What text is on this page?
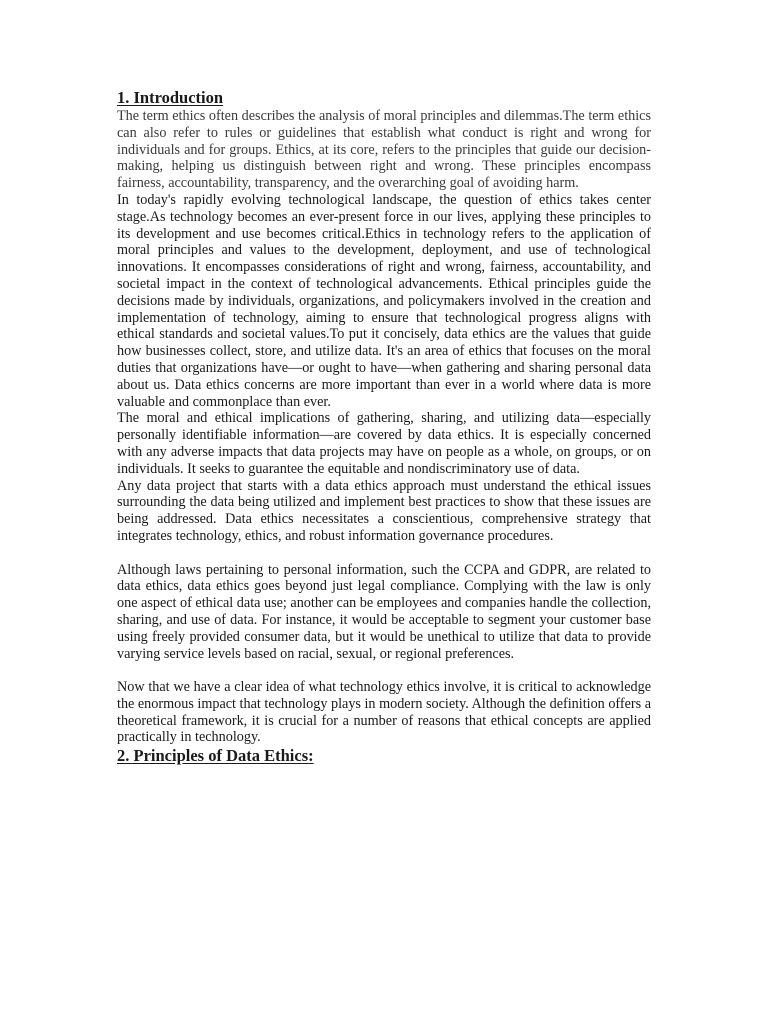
1. Introduction

The term ethics often describes the analysis of moral principles and dilemmas.The term ethics can also refer to rules or guidelines that establish what conduct is right and wrong for individuals and for groups. Ethics, at its core, refers to the principles that guide our decision-making, helping us distinguish between right and wrong. These principles encompass fairness, accountability, transparency, and the overarching goal of avoiding harm.

In today's rapidly evolving technological landscape, the question of ethics takes center stage.As technology becomes an ever-present force in our lives, applying these principles to its development and use becomes critical.Ethics in technology refers to the application of moral principles and values to the development, deployment, and use of technological innovations. It encompasses considerations of right and wrong, fairness, accountability, and societal impact in the context of technological advancements. Ethical principles guide the decisions made by individuals, organizations, and policymakers involved in the creation and implementation of technology, aiming to ensure that technological progress aligns with ethical standards and societal values.To put it concisely, data ethics are the values that guide how businesses collect, store, and utilize data. It's an area of ethics that focuses on the moral duties that organizations have—or ought to have—when gathering and sharing personal data about us. Data ethics concerns are more important than ever in a world where data is more valuable and commonplace than ever.

The moral and ethical implications of gathering, sharing, and utilizing data—especially personally identifiable information—are covered by data ethics. It is especially concerned with any adverse impacts that data projects may have on people as a whole, on groups, or on individuals. It seeks to guarantee the equitable and nondiscriminatory use of data.

Any data project that starts with a data ethics approach must understand the ethical issues surrounding the data being utilized and implement best practices to show that these issues are being addressed. Data ethics necessitates a conscientious, comprehensive strategy that integrates technology, ethics, and robust information governance procedures.

Although laws pertaining to personal information, such the CCPA and GDPR, are related to data ethics, data ethics goes beyond just legal compliance. Complying with the law is only one aspect of ethical data use; another can be employees and companies handle the collection, sharing, and use of data. For instance, it would be acceptable to segment your customer base using freely provided consumer data, but it would be unethical to utilize that data to provide varying service levels based on racial, sexual, or regional preferences.

Now that we have a clear idea of what technology ethics involve, it is critical to acknowledge the enormous impact that technology plays in modern society. Although the definition offers a theoretical framework, it is crucial for a number of reasons that ethical concepts are applied practically in technology.

2. Principles of Data Ethics:
